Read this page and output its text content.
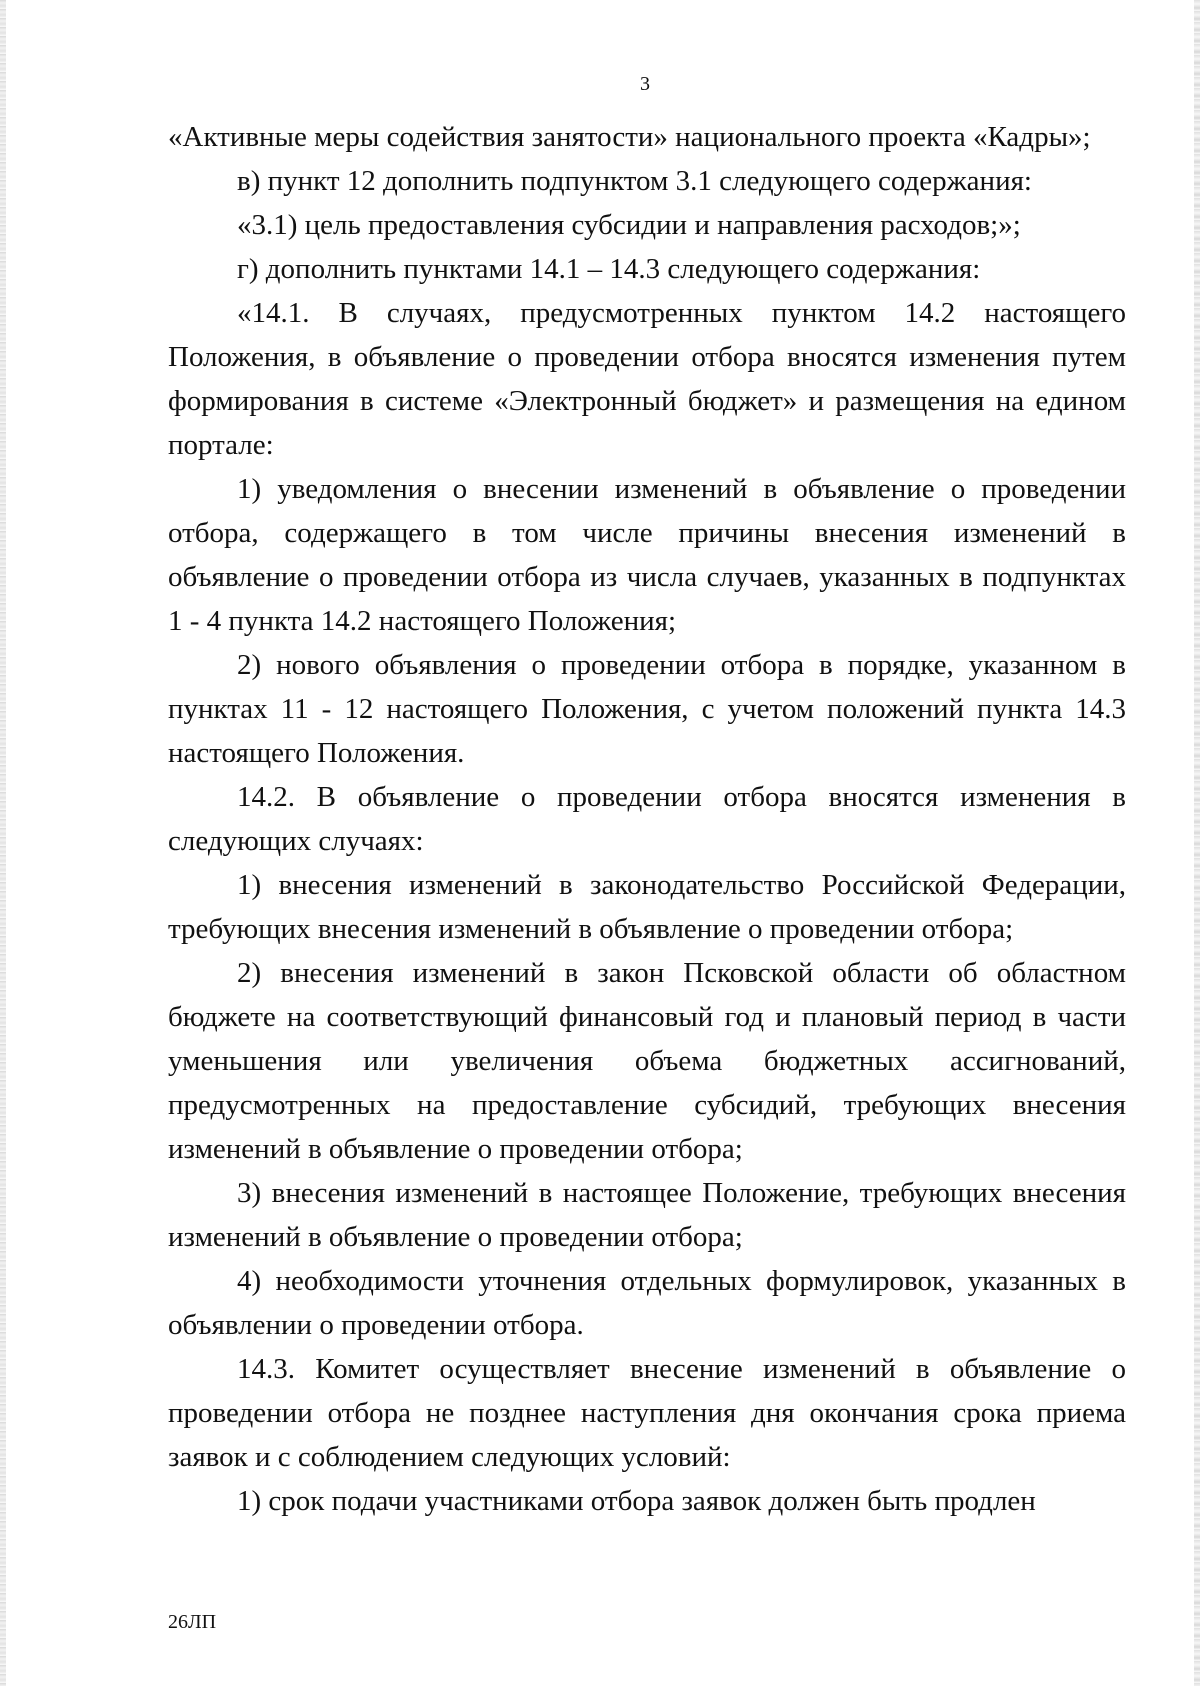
3

«Активные меры содействия занятости» национального проекта «Кадры»;

в) пункт 12 дополнить подпунктом 3.1 следующего содержания:

«3.1) цель предоставления субсидии и направления расходов;»;

г) дополнить пунктами 14.1 – 14.3 следующего содержания:

«14.1. В случаях, предусмотренных пунктом 14.2 настоящего Положения, в объявление о проведении отбора вносятся изменения путем формирования в системе «Электронный бюджет» и размещения на едином портале:

1) уведомления о внесении изменений в объявление о проведении отбора, содержащего в том числе причины внесения изменений в объявление о проведении отбора из числа случаев, указанных в подпунктах 1 - 4 пункта 14.2 настоящего Положения;

2) нового объявления о проведении отбора в порядке, указанном в пунктах 11 - 12 настоящего Положения, с учетом положений пункта 14.3 настоящего Положения.

14.2. В объявление о проведении отбора вносятся изменения в следующих случаях:

1) внесения изменений в законодательство Российской Федерации, требующих внесения изменений в объявление о проведении отбора;

2) внесения изменений в закон Псковской области об областном бюджете на соответствующий финансовый год и плановый период в части уменьшения или увеличения объема бюджетных ассигнований, предусмотренных на предоставление субсидий, требующих внесения изменений в объявление о проведении отбора;

3) внесения изменений в настоящее Положение, требующих внесения изменений в объявление о проведении отбора;

4) необходимости уточнения отдельных формулировок, указанных в объявлении о проведении отбора.

14.3. Комитет осуществляет внесение изменений в объявление о проведении отбора не позднее наступления дня окончания срока приема заявок и с соблюдением следующих условий:

1) срок подачи участниками отбора заявок должен быть продлен

26ЛП
